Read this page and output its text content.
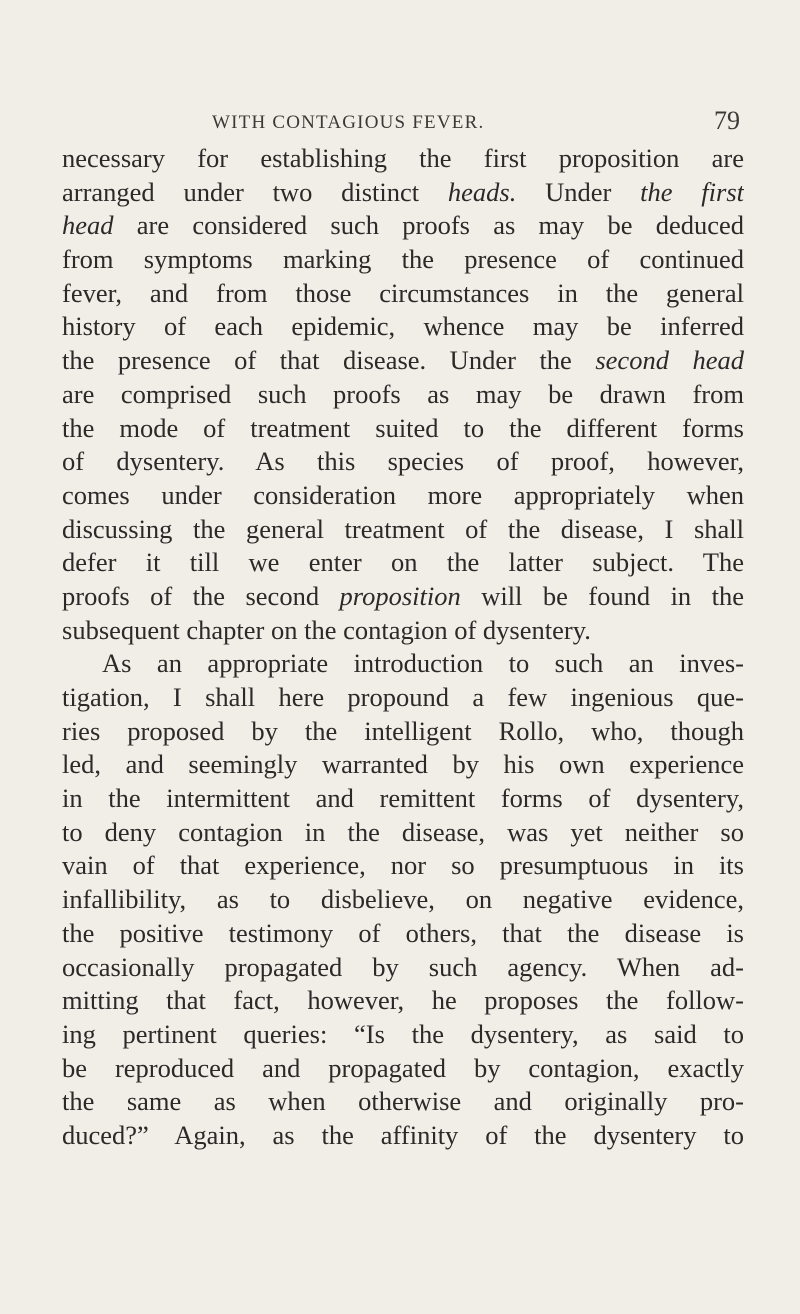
WITH CONTAGIOUS FEVER.	79
necessary for establishing the first proposition are
arranged under two distinct heads. Under the first
head are considered such proofs as may be deduced
from symptoms marking the presence of continued
fever, and from those circumstances in the general
history of each epidemic, whence may be inferred
the presence of that disease. Under the second head
are comprised such proofs as may be drawn from
the mode of treatment suited to the different forms
of dysentery. As this species of proof, however,
comes under consideration more appropriately when
discussing the general treatment of the disease, I shall
defer it till we enter on the latter subject. The
proofs of the second proposition will be found in the
subsequent chapter on the contagion of dysentery.
As an appropriate introduction to such an inves-
tigation, I shall here propound a few ingenious que-
ries proposed by the intelligent Rollo, who, though
led, and seemingly warranted by his own experience
in the intermittent and remittent forms of dysentery,
to deny contagion in the disease, was yet neither so
vain of that experience, nor so presumptuous in its
infallibility, as to disbelieve, on negative evidence,
the positive testimony of others, that the disease is
occasionally propagated by such agency. When ad-
mitting that fact, however, he proposes the follow-
ing pertinent queries: “Is the dysentery, as said to
be reproduced and propagated by contagion, exactly
the same as when otherwise and originally pro-
duced?” Again, as the affinity of the dysentery to
